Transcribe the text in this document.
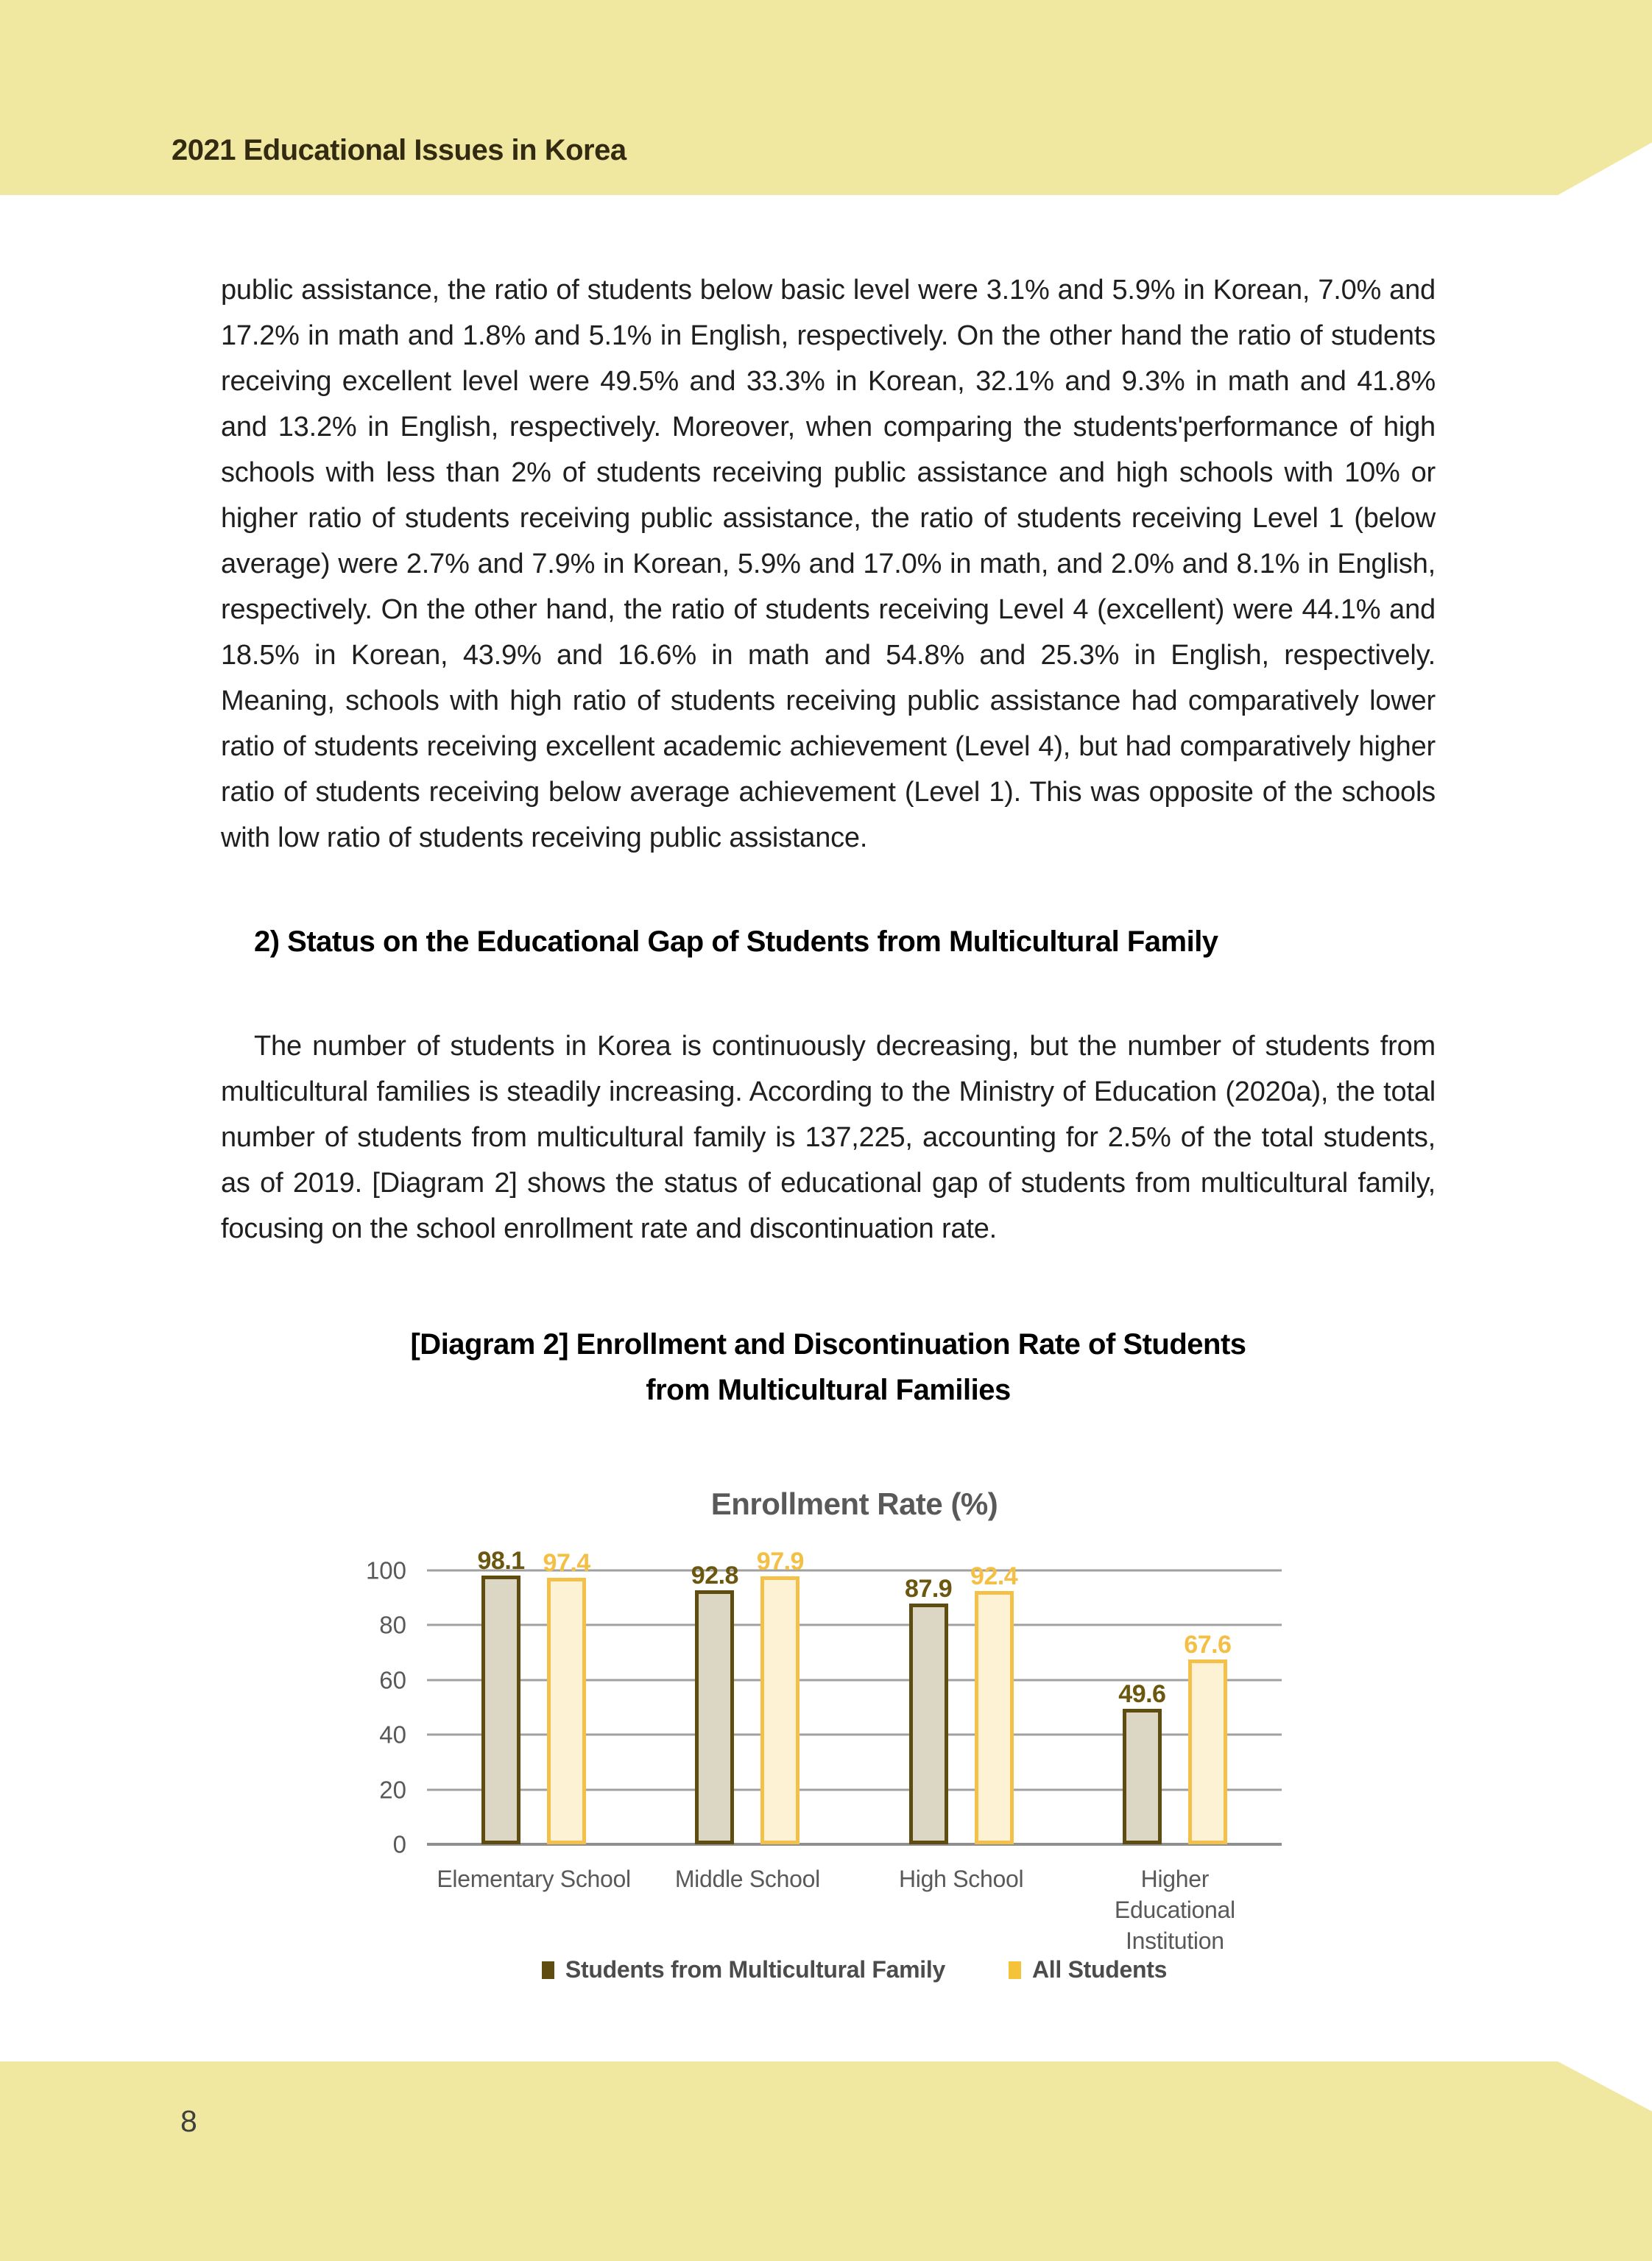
2021 Educational Issues in Korea

public assistance, the ratio of students below basic level were 3.1% and 5.9% in Korean, 7.0% and 17.2% in math and 1.8% and 5.1% in English, respectively. On the other hand the ratio of students receiving excellent level were 49.5% and 33.3% in Korean, 32.1% and 9.3% in math and 41.8% and 13.2% in English, respectively. Moreover, when comparing the students'performance of high schools with less than 2% of students receiving public assistance and high schools with 10% or higher ratio of students receiving public assistance, the ratio of students receiving Level 1 (below average) were 2.7% and 7.9% in Korean, 5.9% and 17.0% in math, and 2.0% and 8.1% in English, respectively. On the other hand, the ratio of students receiving Level 4 (excellent) were 44.1% and 18.5% in Korean, 43.9% and 16.6% in math and 54.8% and 25.3% in English, respectively. Meaning, schools with high ratio of students receiving public assistance had comparatively lower ratio of students receiving excellent academic achievement (Level 4), but had comparatively higher ratio of students receiving below average achievement (Level 1). This was opposite of the schools with low ratio of students receiving public assistance.

2) Status on the Educational Gap of Students from Multicultural Family

The number of students in Korea is continuously decreasing, but the number of students from multicultural families is steadily increasing. According to the Ministry of Education (2020a), the total number of students from multicultural family is 137,225, accounting for 2.5% of the total students, as of 2019. [Diagram 2] shows the status of educational gap of students from multicultural family, focusing on the school enrollment rate and discontinuation rate.

[Diagram 2] Enrollment and Discontinuation Rate of Students
from Multicultural Families
Enrollment Rate (%)
0
20
40
60
80
100	98.1 97.4	92.8 97.9
87.9 92.4
49.6
67.6
Elementary School	Middle School	High School	Higher
Educational Institution
Students from Multicultural Family	All Students
8
